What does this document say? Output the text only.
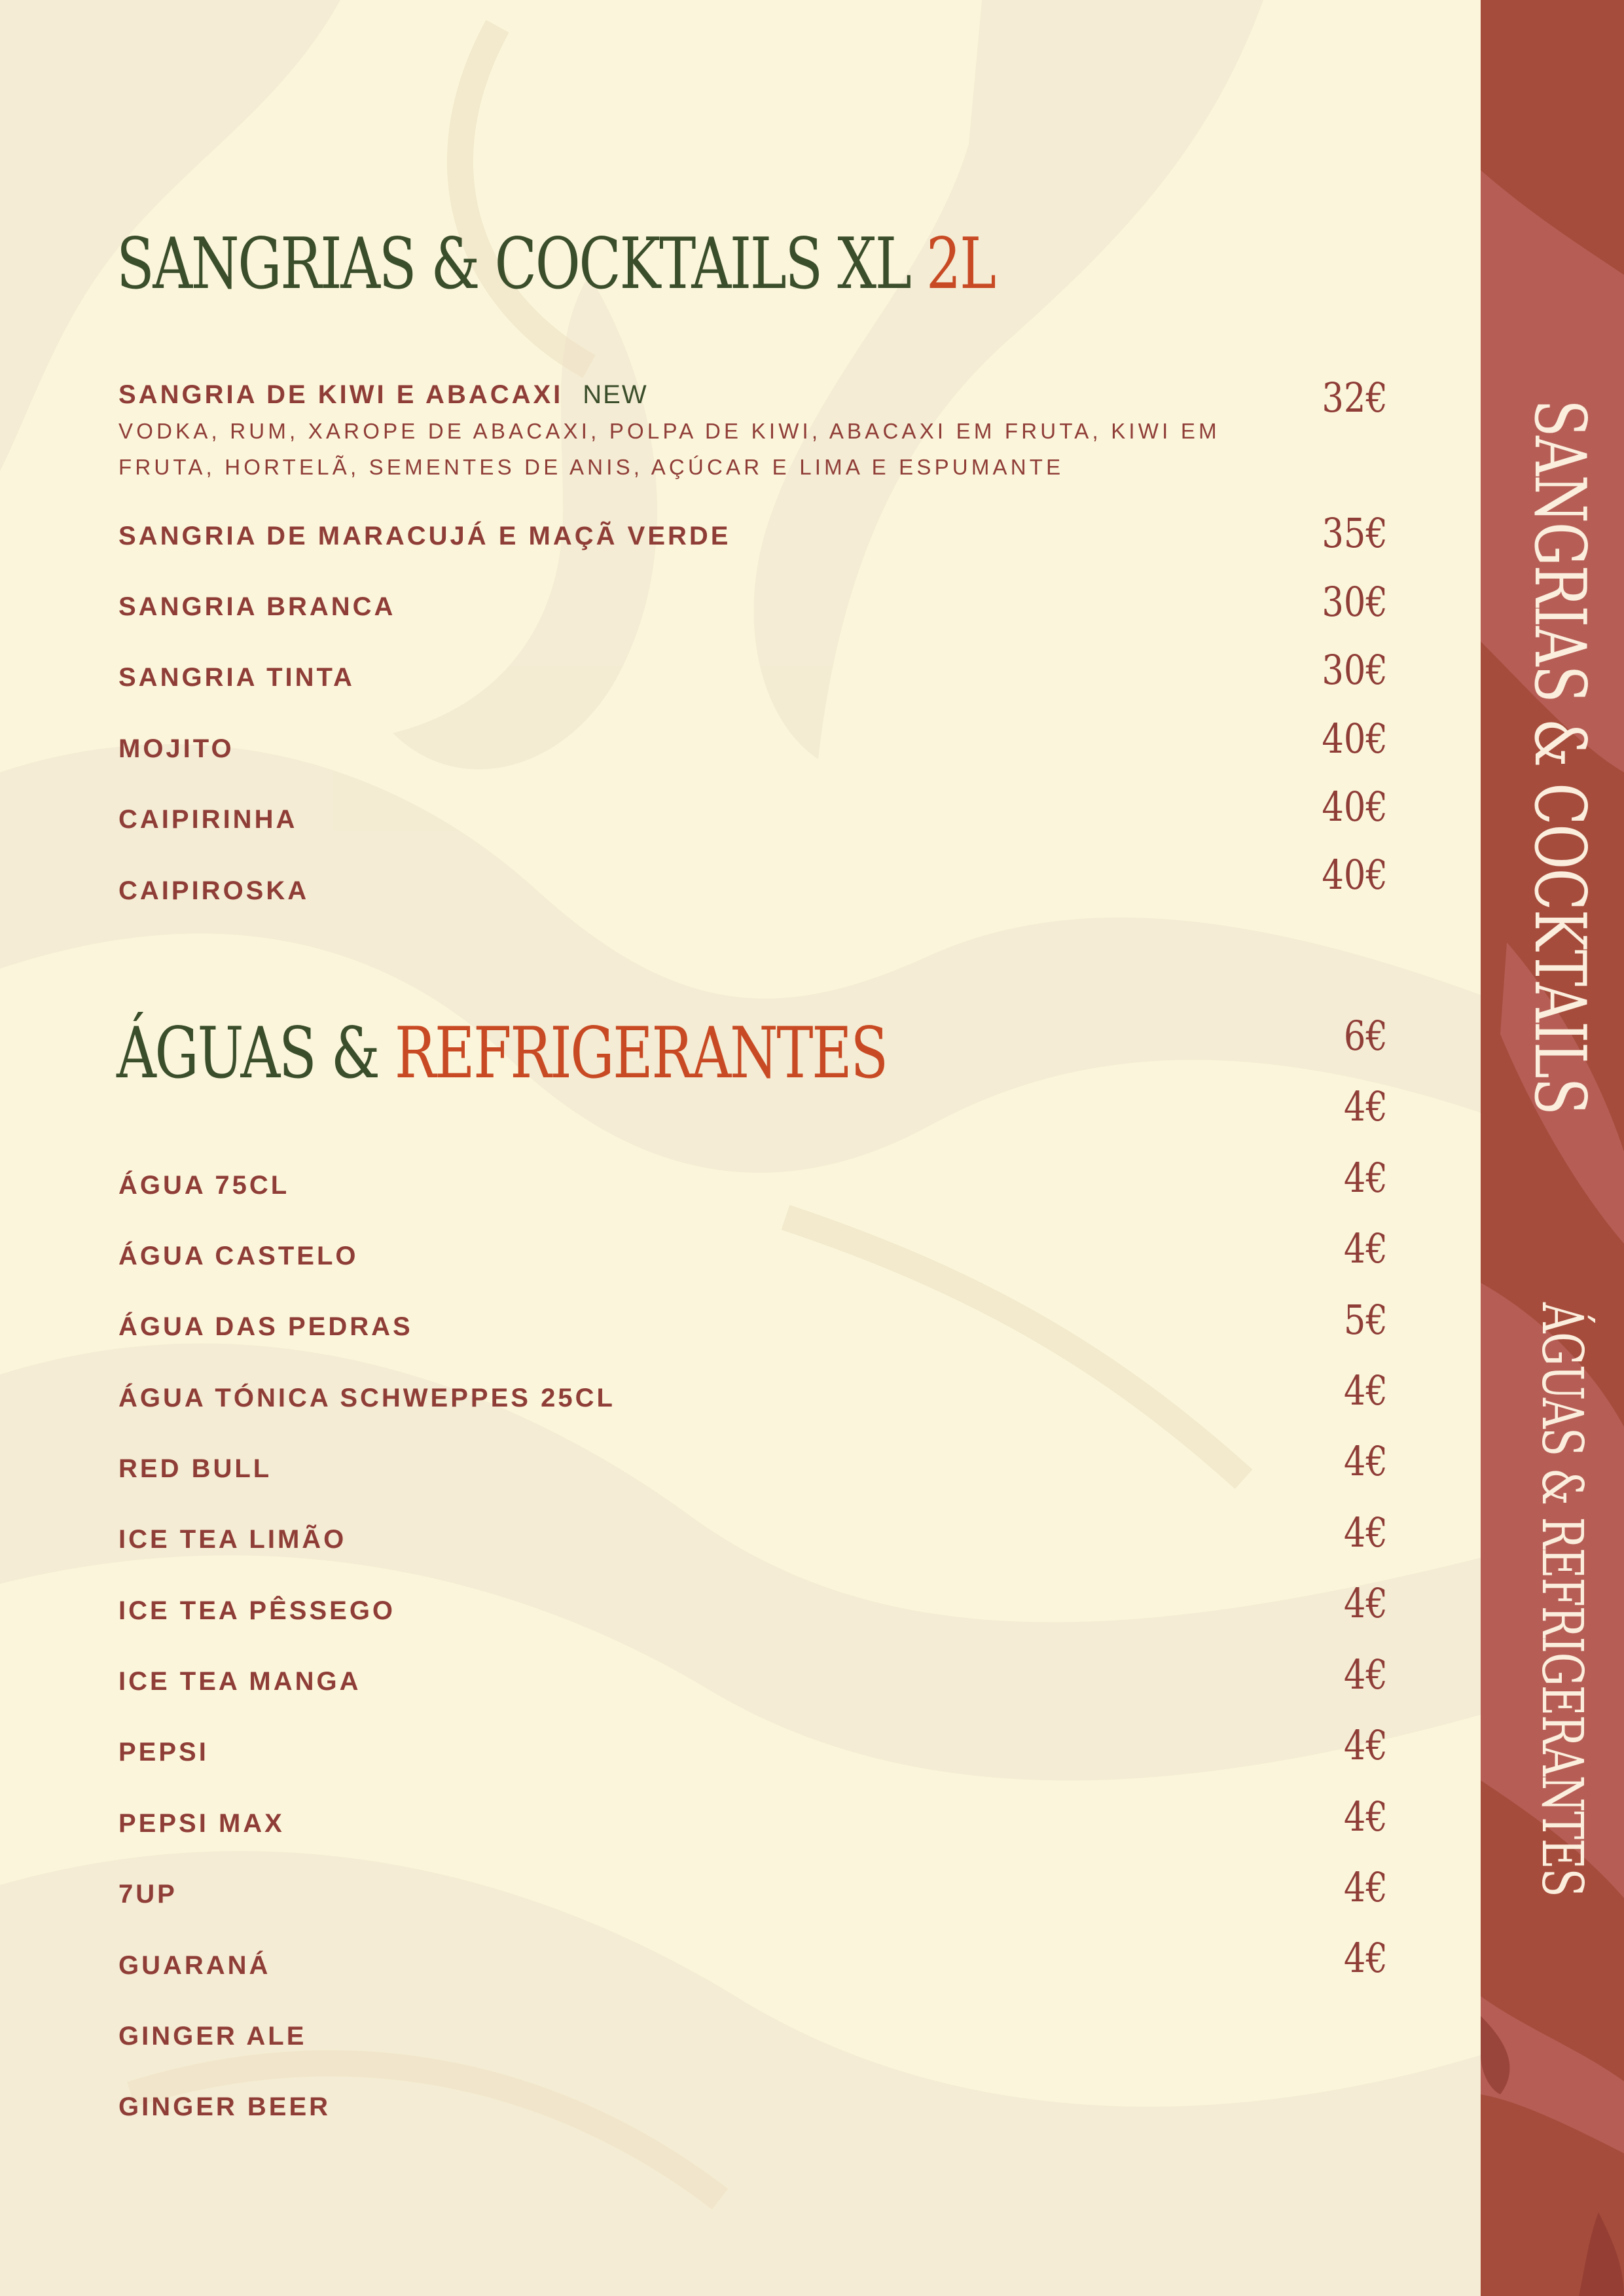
SANGRIAS & COCKTAILS XL 2L
SANGRIA DE KIWI E ABACAXI NEW
VODKA, RUM, XAROPE DE ABACAXI, POLPA DE KIWI, ABACAXI EM FRUTA, KIWI EM FRUTA, HORTELÃ, SEMENTES DE ANIS, AÇÚCAR E LIMA E ESPUMANTE
SANGRIA DE MARACUJÁ E MAÇÃ VERDE
SANGRIA BRANCA
SANGRIA TINTA
MOJITO
CAIPIRINHA
CAIPIROSKA
32€
35€
30€
30€
40€
40€
40€
ÁGUAS & REFRIGERANTES
ÁGUA 75CL
ÁGUA CASTELO
ÁGUA DAS PEDRAS
ÁGUA TÓNICA SCHWEPPES 25CL
RED BULL
ICE TEA LIMÃO
ICE TEA PÊSSEGO
ICE TEA MANGA
PEPSI
PEPSI MAX
7UP
GUARANÁ
GINGER ALE
GINGER BEER
6€
4€
4€
4€
5€
4€
4€
4€
4€
4€
4€
4€
4€
4€
SANGRIAS & COCKTAILS
ÁGUAS & REFRIGERANTES
